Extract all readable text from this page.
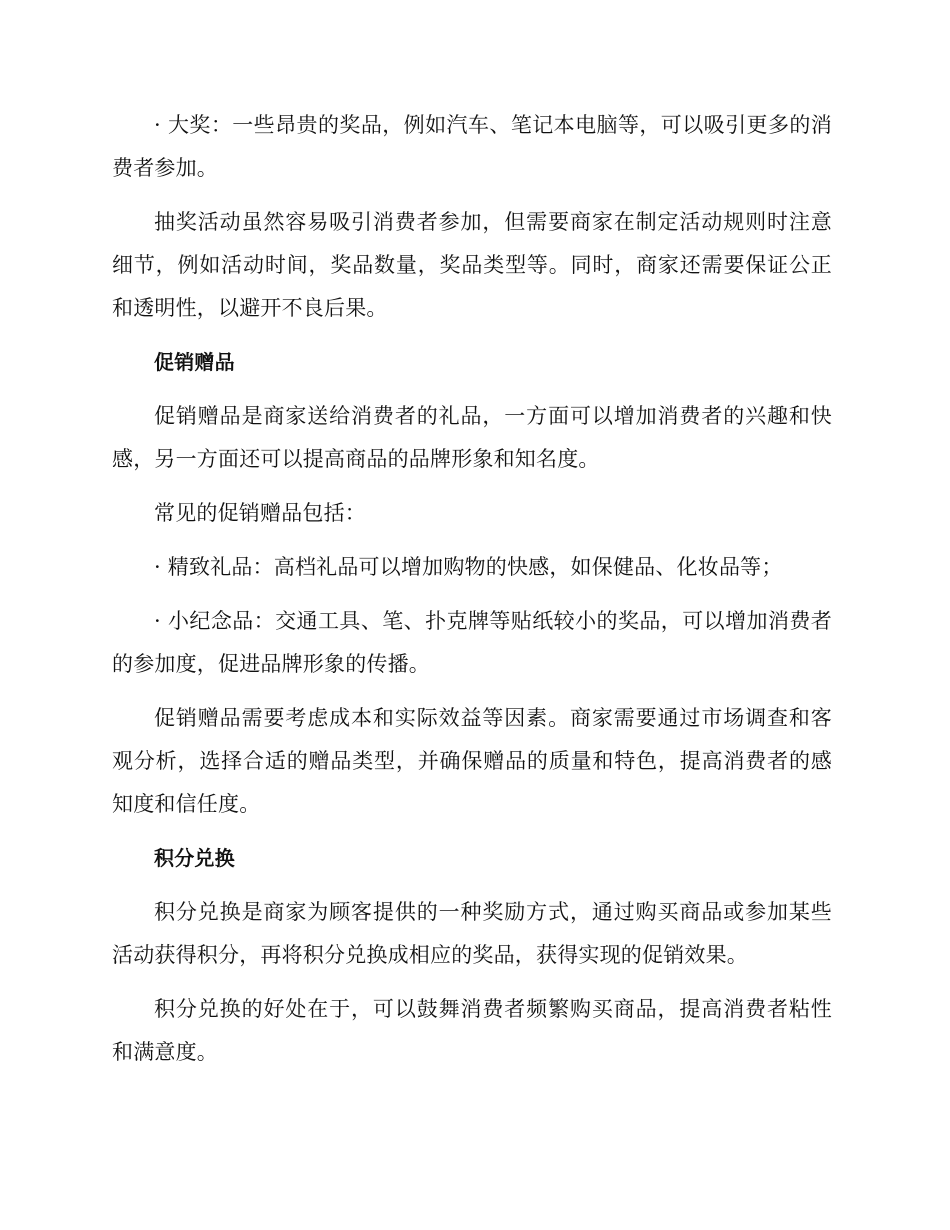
· 大奖：一些昂贵的奖品，例如汽车、笔记本电脑等，可以吸引更多的消费者参加。

抽奖活动虽然容易吸引消费者参加，但需要商家在制定活动规则时注意细节，例如活动时间，奖品数量，奖品类型等。同时，商家还需要保证公正和透明性，以避开不良后果。

促销赠品

促销赠品是商家送给消费者的礼品，一方面可以增加消费者的兴趣和快感，另一方面还可以提高商品的品牌形象和知名度。

常见的促销赠品包括：

· 精致礼品：高档礼品可以增加购物的快感，如保健品、化妆品等；

· 小纪念品：交通工具、笔、扑克牌等贴纸较小的奖品，可以增加消费者的参加度，促进品牌形象的传播。

促销赠品需要考虑成本和实际效益等因素。商家需要通过市场调查和客观分析，选择合适的赠品类型，并确保赠品的质量和特色，提高消费者的感知度和信任度。

积分兑换

积分兑换是商家为顾客提供的一种奖励方式，通过购买商品或参加某些活动获得积分，再将积分兑换成相应的奖品，获得实现的促销效果。

积分兑换的好处在于，可以鼓舞消费者频繁购买商品，提高消费者粘性和满意度。
